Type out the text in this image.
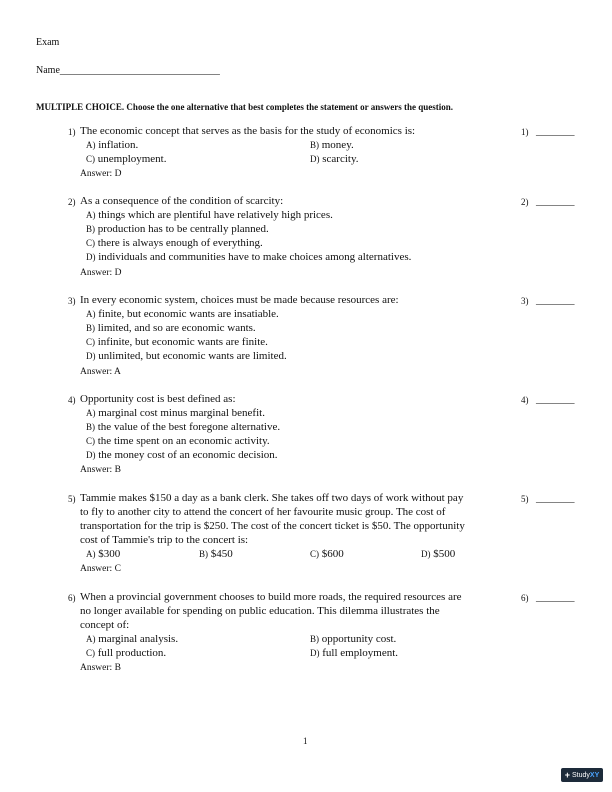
Exam
Name________________________________
MULTIPLE CHOICE. Choose the one alternative that best completes the statement or answers the question.
1) The economic concept that serves as the basis for the study of economics is:	1) _______
A) inflation.	B) money.
C) unemployment.	D) scarcity.
Answer: D
2) As a consequence of the condition of scarcity:	2) _______
A) things which are plentiful have relatively high prices.
B) production has to be centrally planned.
C) there is always enough of everything.
D) individuals and communities have to make choices among alternatives.
Answer: D
3) In every economic system, choices must be made because resources are:	3) _______
A) finite, but economic wants are insatiable.
B) limited, and so are economic wants.
C) infinite, but economic wants are finite.
D) unlimited, but economic wants are limited.
Answer: A
4) Opportunity cost is best defined as:	4) _______
A) marginal cost minus marginal benefit.
B) the value of the best foregone alternative.
C) the time spent on an economic activity.
D) the money cost of an economic decision.
Answer: B
5) Tammie makes $150 a day as a bank clerk. She takes off two days of work without pay
to fly to another city to attend the concert of her favourite music group. The cost of
transportation for the trip is $250. The cost of the concert ticket is $50. The opportunity
cost of Tammie's trip to the concert is:
5) _______
A) $300	B) $450	C) $600	D) $500
Answer: C
6) When a provincial government chooses to build more roads, the required resources are
no longer available for spending on public education. This dilemma illustrates the
concept of:
6) _______
A) marginal analysis.	B) opportunity cost.
C) full production.	D) full employment.
Answer: B
1
+ StudyXY
